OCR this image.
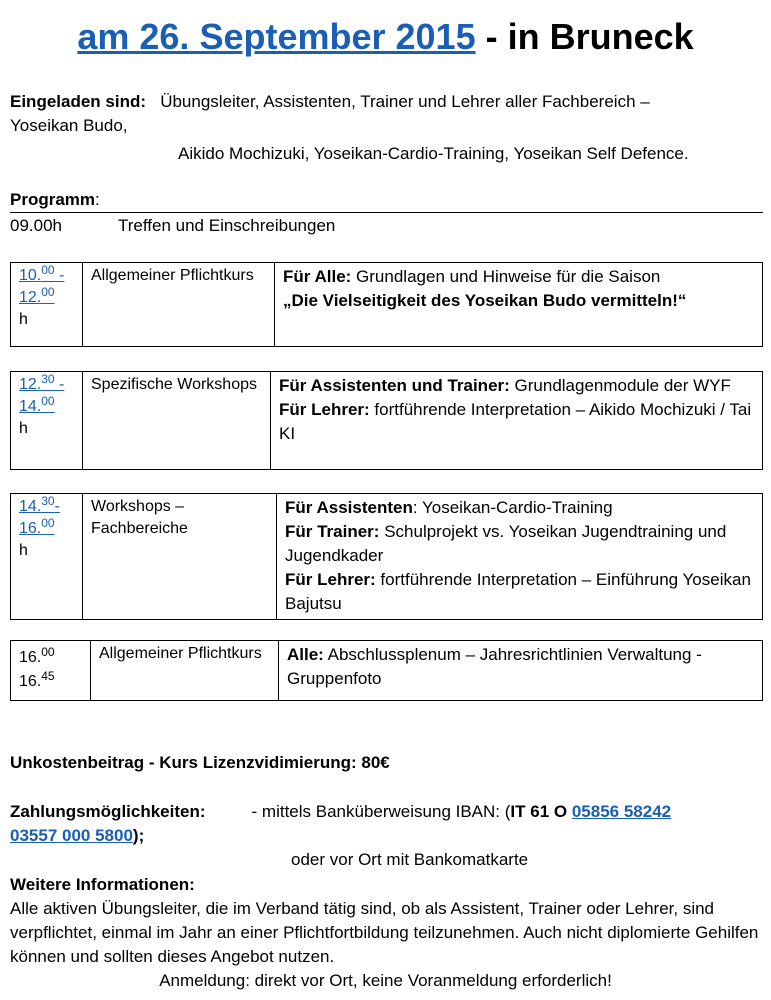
am 26. September 2015 - in Bruneck
Eingeladen sind: Übungsleiter, Assistenten, Trainer und Lehrer aller Fachbereich –
Yoseikan Budo,
Aikido Mochizuki, Yoseikan-Cardio-Training, Yoseikan Self Defence.
Programm:
09.00h	Treffen und Einschreibungen
10.00 -
12.00
h
	Allgemeiner Pflichtkurs	Für Alle: Grundlagen und Hinweise für die Saison
„Die Vielseitigkeit des Yoseikan Budo vermitteln!“
12.30 -
14.00
h
	Spezifische Workshops	Für Assistenten und Trainer: Grundlagenmodule der WYF
Für Lehrer: fortführende Interpretation – Aikido Mochizuki / Tai KI
14.30-
16.00
h
	Workshops – Fachbereiche	
Für Assistenten: Yoseikan-Cardio-Training
Für Trainer: Schulprojekt vs. Yoseikan Jugendtraining und Jugendkader
Für Lehrer: fortführende Interpretation – Einführung Yoseikan Bajutsu
16.00
16.45
	Allgemeiner Pflichtkurs	Alle: Abschlussplenum – Jahresrichtlinien Verwaltung - Gruppenfoto
Unkostenbeitrag - Kurs Lizenzvidimierung: 80€
Zahlungsmöglichkeiten:	- mittels Banküberweisung IBAN: (IT 61 O 05856 58242
03557 000 5800);
oder vor Ort mit Bankomatkarte
Weitere Informationen:
Alle aktiven Übungsleiter, die im Verband tätig sind, ob als Assistent, Trainer oder Lehrer, sind verpflichtet, einmal im Jahr an einer Pflichtfortbildung teilzunehmen. Auch nicht diplomierte Gehilfen können und sollten dieses Angebot nutzen.
Anmeldung: direkt vor Ort, keine Voranmeldung erforderlich!
